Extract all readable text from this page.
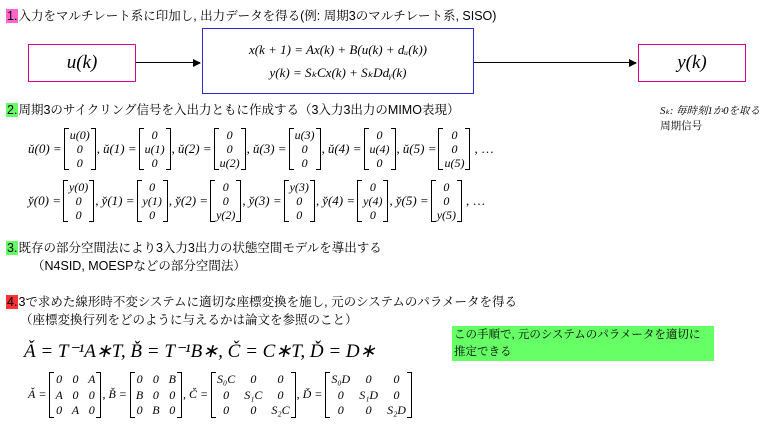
1.入力をマルチレート系に印加し, 出力データを得る(例: 周期3のマルチレート系, SISO)
u(k)
x(k + 1) = Ax(k) + B(u(k) + dᵤ(k))
y(k) = SₖCx(k) + SₖDdᵧ(k)	y(k)
2.周期3のサイクリング信号を入出力ともに作成する（3入力3出力のMIMO表現）	Sₖ: 毎時刻1か0を取る
周期信号
ǔ(0) =
u(0)
0
0
, ǔ(1) =
0
u(1)
0
, ǔ(2) =
0
0
u(2)
, ǔ(3) =
u(3)
0
0
, ǔ(4) =
0
u(4)
0
, ǔ(5) =
0
0
u(5)
, …
y̌(0) =
y(0)
0
0
, y̌(1) =
0
y(1)
0
, y̌(2) =
0
0
y(2)
, y̌(3) =
y(3)
0
0
, y̌(4) =
0
y(4)
0
, y̌(5) =
0
0
y(5)
, …
3.既存の部分空間法により3入力3出力の状態空間モデルを導出する
（N4SID, MOESPなどの部分空間法）
4.3で求めた線形時不変システムに適切な座標変換を施し, 元のシステムのパラメータを得る
（座標変換行列をどのように与えるかは論文を参照のこと）
この手順で, 元のシステムのパラメータを適切に
推定できる
Ǎ = T⁻¹A∗T, B̌ = T⁻¹B∗, Č = C∗T, Ď = D∗
Ǎ =
0 0 A
A 0 0
0 A 0
, B̌ =
0 0 B
B 0 0
0 B 0
, Č =
S₀C 0 0
0 S₁C 0
0 0 S₂C
, Ď =
S₀D 0 0
0 S₁D 0
0 0 S₂D
